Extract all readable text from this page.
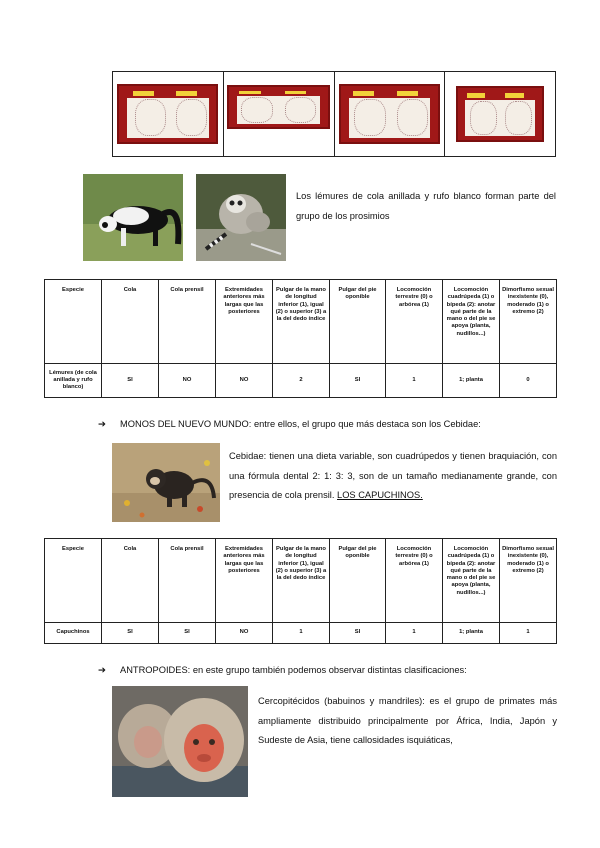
Los lémures de cola anillada y rufo blanco forman parte del grupo de los prosimios
Especie	Cola	Cola prensil	Extremidades anteriores más largas que las posteriores	Pulgar de la mano de longitud inferior (1), igual (2) o superior (3) a la del dedo índice	Pulgar del pie oponible	Locomoción terrestre (0) o arbórea (1)	Locomoción cuadrúpeda (1) o bípeda (2): anotar qué parte de la mano o del pie se apoya (planta, nudillos...)	Dimorfismo sexual inexistente (0), moderado (1) o extremo (2)
Lémures (de cola anillada y rufo blanco)	SI	NO	NO	2	SI	1	1; planta	0
➔ MONOS DEL NUEVO MUNDO: entre ellos, el grupo que más destaca son los Cebidae:
Cebidae: tienen una dieta variable, son cuadrúpedos y tienen braquiación, con una fórmula dental 2: 1: 3: 3, son de un tamaño medianamente grande, con presencia de cola prensil. LOS CAPUCHINOS.
Especie	Cola	Cola prensil	Extremidades anteriores más largas que las posteriores	Pulgar de la mano de longitud inferior (1), igual (2) o superior (3) a la del dedo índice	Pulgar del pie oponible	Locomoción terrestre (0) o arbórea (1)	Locomoción cuadrúpeda (1) o bípeda (2): anotar qué parte de la mano o del pie se apoya (planta, nudillos...)	Dimorfismo sexual inexistente (0), moderado (1) o extremo (2)
Capuchinos	SI	SI	NO	1	SI	1	1; planta	1
➔ ANTROPOIDES: en este grupo también podemos observar distintas clasificaciones:
Cercopitécidos (babuinos y mandriles): es el grupo de primates más ampliamente distribuido principalmente por África, India, Japón y Sudeste de Asia, tiene callosidades isquiáticas,
